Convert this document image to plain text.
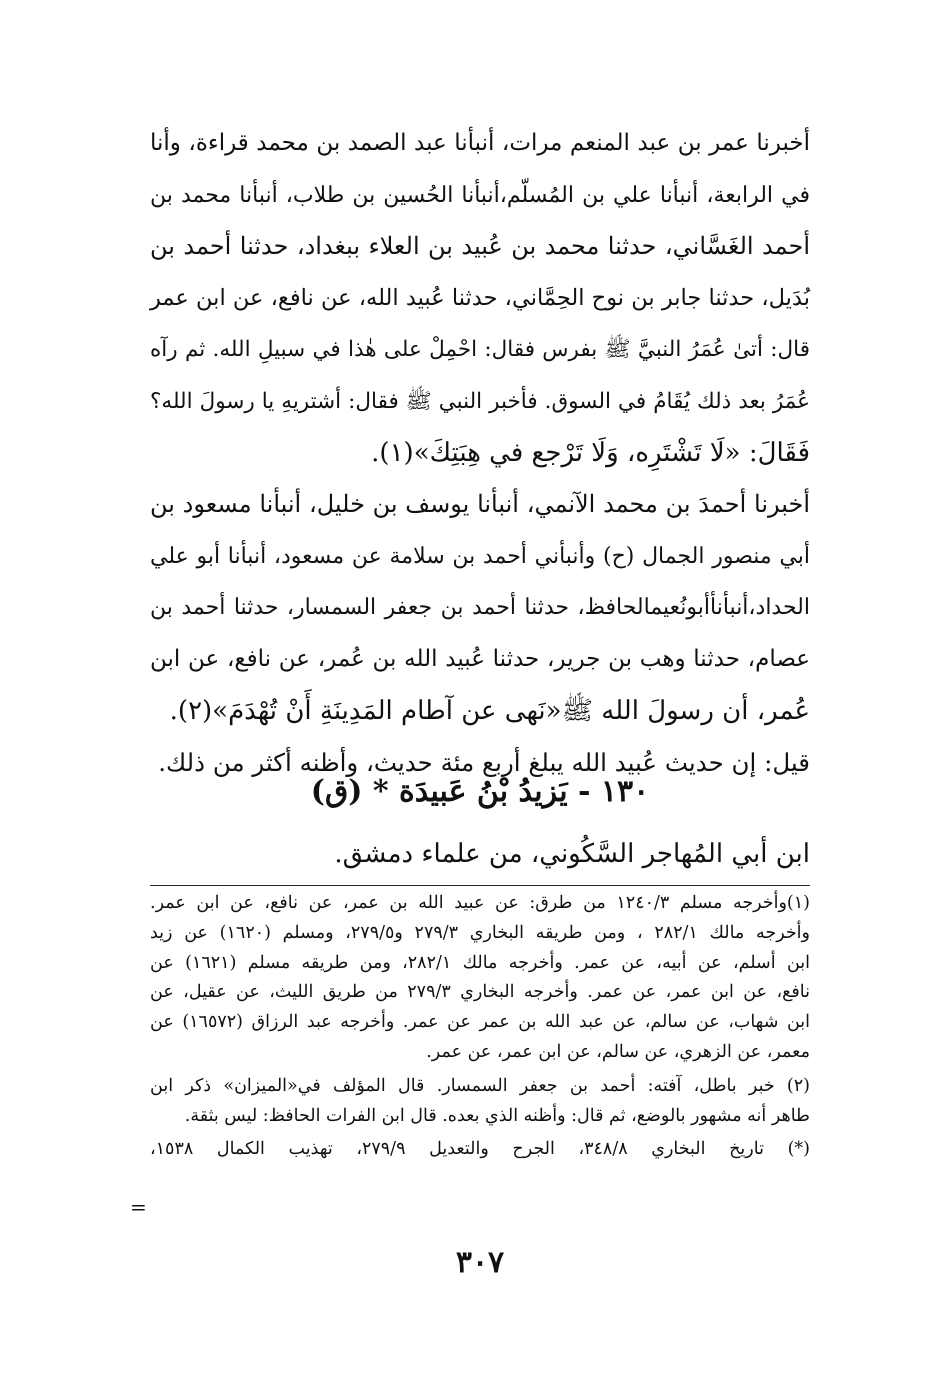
أخبرنا عمر بن عبد المنعم مرات، أنبأنا عبد الصمد بن محمد قراءة، وأنا
في الرابعة، أنبأنا علي بن المُسلّم،أنبأنا الحُسين بن طلاب، أنبأنا محمد بن
أحمد الغَسَّاني، حدثنا محمد بن عُبيد بن العلاء ببغداد، حدثنا أحمد بن
بُدَيل، حدثنا جابر بن نوح الحِمَّاني، حدثنا عُبيد الله، عن نافع، عن ابن عمر
قال: أتىٰ عُمَرُ النبيَّ ﷺ بفرس فقال: احْمِلْ على هٰذا في سبيلِ الله. ثم رآه
عُمَرُ بعد ذلك يُقَامُ في السوق. فأخبر النبي ﷺ فقال: أشتريهِ يا رسولَ الله؟
فَقَالَ: «لَا تَشْتَرِه، وَلَا تَرْجع في هِبَتِكَ»(١).
أخبرنا أحمدَ بن محمد الآنمي، أنبأنا يوسف بن خليل، أنبأنا مسعود بن
أبي منصور الجمال (ح) وأنبأني أحمد بن سلامة عن مسعود، أنبأنا أبو علي
الحداد،أنبأنأأبونُعيمالحافظ، حدثنا أحمد بن جعفر السمسار، حدثنا أحمد بن
عصام، حدثنا وهب بن جرير، حدثنا عُبيد الله بن عُمر، عن نافع، عن ابن
عُمر، أن رسولَ الله ﷺ«نَهى عن آطام المَدِينَةِ أَنْ تُهْدَمَ»(٢).
قيل: إن حديث عُبيد الله يبلغ أربع مئة حديث، وأظنه أكثر من ذلك.
١٣٠ - يَزيدُ بْنُ عَبيدَة * (ق)
ابن أبي المُهاجر السَّكُوني، من علماء دمشق.
(١)وأخرجه مسلم ١٢٤٠/٣ من طرق: عن عبيد الله بن عمر، عن نافع، عن ابن عمر.
وأخرجه مالك ٢٨٢/١ ، ومن طريقه البخاري ٢٧٩/٣ و٢٧٩/٥، ومسلم (١٦٢٠) عن زيد
ابن أسلم، عن أبيه، عن عمر. وأخرجه مالك ٢٨٢/١، ومن طريقه مسلم (١٦٢١) عن
نافع، عن ابن عمر، عن عمر. وأخرجه البخاري ٢٧٩/٣ من طريق الليث، عن عقيل، عن
ابن شهاب، عن سالم، عن عبد الله بن عمر عن عمر. وأخرجه عبد الرزاق (١٦٥٧٢) عن
معمر، عن الزهري، عن سالم، عن ابن عمر، عن عمر.
(٢) خبر باطل، آفته: أحمد بن جعفر السمسار. قال المؤلف في«الميزان» ذكر ابن
طاهر أنه مشهور بالوضع، ثم قال: وأظنه الذي بعده. قال ابن الفرات الحافظ: ليس بثقة.
(*) تاريخ البخاري ٣٤٨/٨، الجرح والتعديل ٢٧٩/٩، تهذيب الكمال ١٥٣٨،
=
٣٠٧
